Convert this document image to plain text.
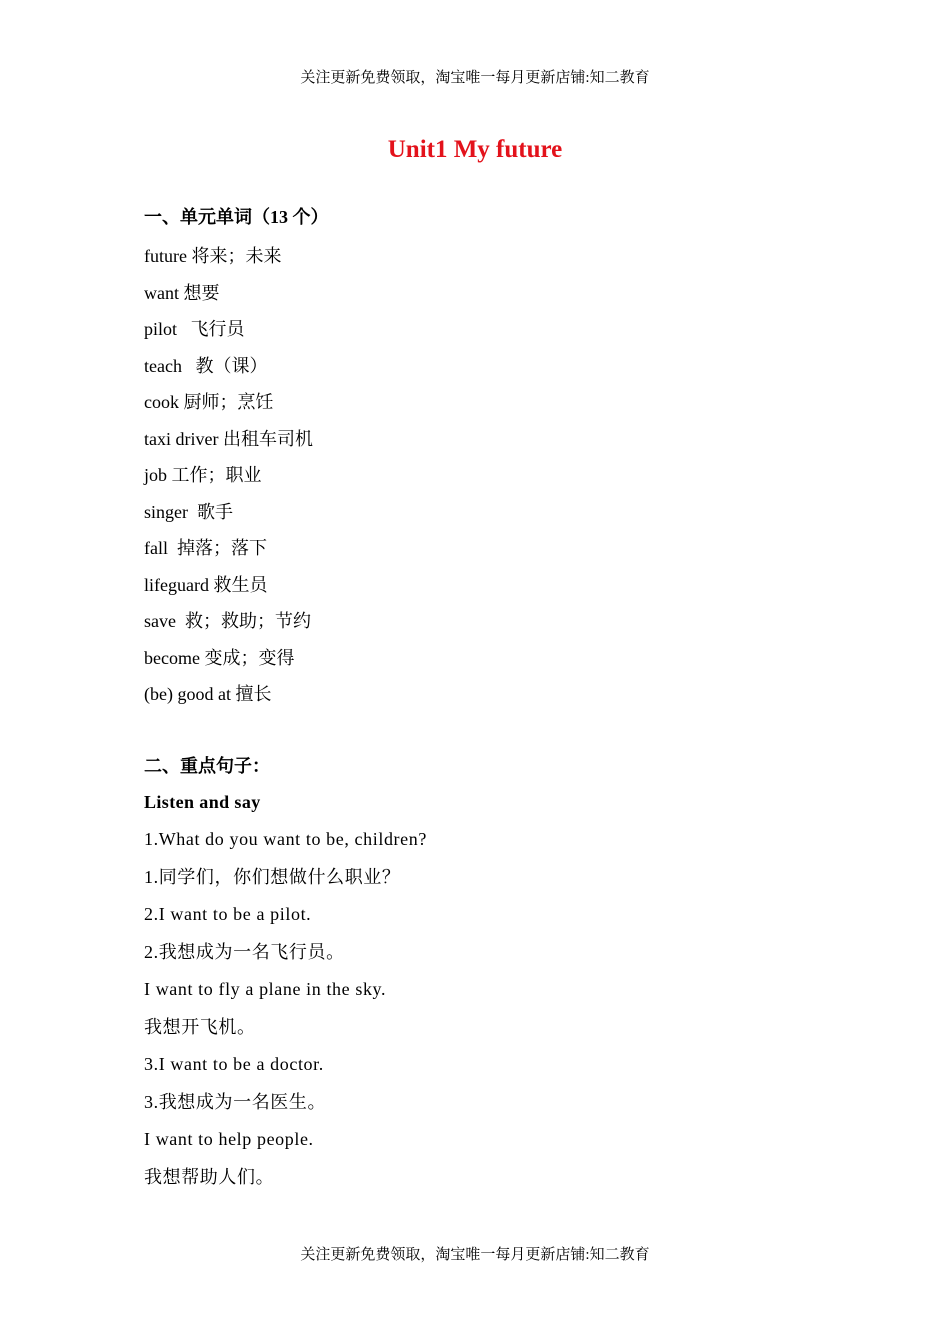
关注更新免费领取，淘宝唯一每月更新店铺:知二教育
Unit1 My future
一、单元单词（13 个）
future 将来；未来
want 想要
pilot   飞行员
teach   教（课）
cook 厨师；烹饪
taxi driver 出租车司机
job 工作；职业
singer  歌手
fall  掉落；落下
lifeguard 救生员
save  救；救助；节约
become 变成；变得
(be) good at 擅长
二、重点句子：
Listen and say
1.What do you want to be, children?
1.同学们，你们想做什么职业？
2.I want to be a pilot.
2.我想成为一名飞行员。
I want to fly a plane in the sky.
我想开飞机。
3.I want to be a doctor.
3.我想成为一名医生。
I want to help people.
我想帮助人们。
关注更新免费领取，淘宝唯一每月更新店铺:知二教育
